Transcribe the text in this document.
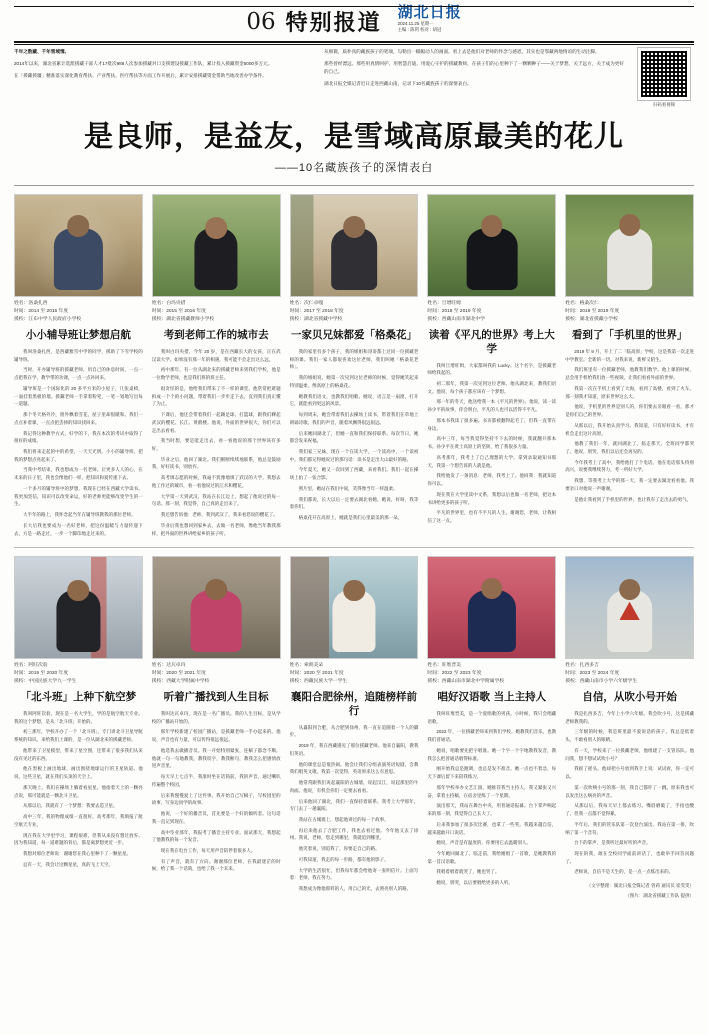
06 特别报道 湖北日报
2024.11.25 星期一
主编 : 陈剑 校对 : 胡冠

千年之数藏、千年雪域情。

2014年以来，湖北省累计选派援藏干部人才17批次988人次参加援藏对口支援建设援藏工作队，累计投入援藏资金5000多万元。

在「援藏援疆」精准落实深化教育帮扶、产业帮扶、医疗帮扶等方面工作开展后，累计安排援藏资金帮助当地改善办学条件。

从细微、质朴真的藏族孩子的笔端，勾勒出一幅幅动人的画面。看上去是他们对老师的怀念与感恩，其实也是鄂藏两地情谊的生动注脚。

那些曾经漂远、那些用真情呵护、用智慧启迪、用爱心守护的援藏教师，在孩子们的心里种下了一颗颗种子——关于梦想，关于远方，关于成为更好的自己。

湖北日报全媒记者近日走进西藏山南，记录下10名藏族孩子的深情表白。

扫码看视频
是良师，是益友，是雪域高原最美的花儿
——10名藏族孩子的深情表白
姓名：洛桑扎西
时间：2014 至 2015 年度
援校：江布中学人民政府小学校
小小辅导班让梦想启航

我叫洛桑扎西，是西藏雅雪中学的同学，援助了下雪学校的辅导班。

当时，开办辅导班的援藏老师，用自己的休息时间，一点一点把我在学、教学带的功课，一点一点补回来。

辅导班是一个国际化的 20 多平方米的小屋子，几张桌椅，一面挂着黑板的墙。援藏老师一手拿着粉笔，一笔一划地写出每一道题。

那个冬天格外冷，窗外飘着雪花，屋子里却很暖和。我们一点点补着课，一点点把丢掉的知识找回来。

我记得这种教学方式，好学的下，我在本次的考试中取得了很好的成绩。

我们将来走起的中的希望，一天天光明。小小的辅导班，把我的梦想点亮起来了。

当我中考结束，我也想成为一名老师。让更多人人的心，在未来的日子里，我也会像他们一样，把知识和爱传递下去。

一个多月的辅导班中的梦想，我现在已经在西藏大学读书。我更加坚信，知识可以改变命运，好的老师更能够改变学生的一生。

大半年的路上，我怀念起当年在辅导班教我的那位老师。

长大后我也要成为一名好老师，把这份温暖与力量传递下去，方是一路走过、一步一个脚印地走过来的。

姓名：白玛央措
时间：2015 至 2016 年度
援校：湖北省援藏教师小学校
考到老师工作的城市去

我叫白玛央措，今年 20 岁，是在西藏长大的女孩，正在武汉读大学。如果没有那一年的相遇，我可能不会走出这么远。

初中那年，有一位从湖北来的援藏老师来到我们学校，他是一位数学老师，也是我们班的班主任。

很奇怪的是，他给我们带来了不一样的课堂。他常常把难题拆成一个个的小问题，带着我们一步步走下去，直到我们真正懂了为止。

下课后，他还会带着我们一起踢足球、打篮球，跟我们聊起武汉的樱花、长江、黄鹤楼。他说，外面的世界很大，你们可以走出去看看。

我当时想，要是能走出去，看一看他说的那个世界该有多好。

毕业之后，他回了湖北。我们断断续续地联系，他总是鼓励我，好好读书，别放弃。

高考填志愿的时候，我毫不犹豫地填了武汉的大学。我想去他工作过的城市，看一看他说过的江水和樱花。

大学第一天到武汉，我站在长江边上，想起了他说过的每一句话。那一刻，我觉得，自己真的走出来了。

我还想告诉他：老师，我到武汉了，我来看您说的樱花了。

毕业后我也想回到家乡去，去做一名老师，像他当年教我那样，把外面的世界讲给家乡的孩子听。

姓名：次仁卓嘎
时间：2017 至 2018 年度
援校：湖北省援藏中学校
一家贝兄妹都爱「格桑花」

我的家里有多个孩子，我的姐姐和哥哥都上过同一位援藏老师的课。我们一家人都很喜欢这位老师，我们叫她「格桑花老师」。

我的姐姐说，她第一次见到这位老师的时候，觉得她笑起来特别温柔，像高原上的格桑花。

她教我们语文，也教我们唱歌。她说，语言是一扇窗，打开它，就能看到更远的风景。

每到周末，她会带着我们去操场上读书，带着我们在草地上朗诵诗歌。我们的声音，随着风飘得很远很远。

后来她回湖北了，但她一直和我们保持联系。每次节日，她都会发来祝福。

我们家三兄妹，现在一个在读大学，一个读高中，一个读初中。我们都记得她说过的那句话：读书是走出大山最好的路。

今年夏天，她又一次回到了西藏，来看我们。我们一起在操场上拍了一张合影。

照片里，她站在我们中间，笑得像当年一样温柔。

我们都说，长大以后一定要去湖北看她。她说，好呀，我等着你们。

格桑花开在高原上，她就是我们心里最美的那一朵。

姓名：旦增旺姆
时间：2018 至 2019 年度
援校：西藏山南市湖北中学
读着《平凡的世界》考上大学

我叫旦增旺姆，大家都叫我的 Lucky。这个名字，是援藏老师给我起的。

初二那年，我第一次见到这位老师。他从湖北来，教我们语文。他说，每个孩子都应该有一个梦想。

那一年的冬天，他送给我一本《平凡的世界》。他说，读一读孙少平的故事，你会明白，平凡的人也可以活得不平凡。

那本书我读了很多遍。书页都被翻得起毛了，但我一直带在身边。

高中三年，每当我觉得坚持不下去的时候，我就翻开那本书。孙少平在黄土高原上的坚韧，给了我很多力量。

高考那年，我考上了自己理想的大学。拿到录取通知书那天，我第一个想告诉的人就是他。

我给他发了一条消息：老师，我考上了。他回我：我就知道你可以。

现在我在大学里读中文系，我想以后也做一名老师，把这本书讲给更多的孩子听。

平凡的世界里，也有不平凡的人生。谢谢您，老师，让我相信了这一点。

姓名：格桑次仁
时间：2018 至 2019 年度
援校：湖北省援藏小学校
看到了「手机里的世界」

2019 年 9 月，开上了二「临高原」学校，这是我第一次走进中学教室。全新的一切，对我来说，新鲜又陌生。

我们班里有一位援藏老师，他教我们数学。他上课的时候，总会用手机给我们放一些视频，让我们看看外面的世界。

我第一次在手机上看到了大海，看到了高楼，看到了火车。那一刻我才知道，原来世界这么大。

他说，手机里的世界是别人的，你们要去亲眼看一看，那才是你们自己的世界。

从那以后，我开始认真学习。我知道，只有好好读书，才有机会走出这片高原。

他教了我们一年，就回湖北了。临走那天，全班同学都哭了。他说，别哭，我们以后还会再见的。

今年我考上了高中，我给他打了个电话。他在电话那头特别高兴，说要我继续努力，考一所好大学。

我想，等我考上大学的那一天，我一定要去湖北看看他。我要亲口对他说一声谢谢。

是他让我看到了手机里的世界，也让我有了走出去的勇气。

姓名：阿旺次翁
时间：2019 至 2020 年度
援校：中国民族大学九一学生
「北斗班」上种下航空梦

我叫阿旺次翁，现在是一名大学生，学的是航空航天专业。我的这个梦想，是从「北斗班」开始的。

初三那年，学校开办了一个「北斗班」，专门讲北斗卫星导航系统的知识。来给我们上课的，是一位从湖北来的援藏老师。

他带来了卫星模型，带来了星空图，还带来了很多我们从来没有见过的东西。

他在黑板上画出地球，画出围绕地球运行的卫星轨道。他说，这些卫星，就在我们头顶的天空上。

那天晚上，我们在操场上躺着看星星。他指着天上的一颗亮点说，那可能就是一颗北斗卫星。

从那以后，我就有了一个梦想：我要去造卫星。

高中三年，我的物理成绩一直很好。高考那年，我填报了航空航天专业。

现在我在大学里学习，课程很难，但我从来没有想过放弃。因为我知道，每一道难题的背后，都是离梦想更近一步。

我想对那位老师说：谢谢您在我心里种下了一颗星星。

总有一天，我会让这颗星星，真的飞上天空。

姓名：达瓦卓玛
时间：2020 至 2021 年度
援校：西藏大学附属中学校
听着广播找到人生目标

我叫达瓦卓玛，现在是一名广播员。我的人生目标，是从学校的广播站开始的。

那年学校新建了校园广播站，是援藏老师一手办起来的。他说，声音也有力量，可以传得很远很远。

他选我去做播音员。我一开始特别紧张，连稿子都念不顺。他就一句一句地教我，教我咬字，教我断句，教我怎么把感情放进声音里。

每天早上七点半，我准时坐在话筒前。我的声音，通过喇叭传遍整个校园。

后来我慢慢爱上了这件事。我开始自己写稿子，写校园里的故事，写身边同学的故事。

他说，一个好的播音员，首先要是一个好的倾听者。这句话我一直记到现在。

高中毕业那年，我报考了播音主持专业。面试那天，我想起了他教我的每一个发音。

现在我在电台工作，每天用声音陪伴着很多人。

有了声音，就有了方向。谢谢那位老师，在我最迷茫的时候，给了我一个话筒，也给了我一个未来。

姓名：索朗美朵
时间：2020 至 2021 年度
援校：西藏民族大学一学生
襄阳合肥徐州，追随榜样前行

从襄阳到合肥，从合肥到徐州，我一直在追随着一个人的脚步。

2019 年，我在西藏遇见了那位援藏老师。他来自襄阳，教我们英语。

他的课堂总是很热闹。他会让我们分组表演英语短剧，会教我们唱英文歌。我第一次觉得，英语原来这么有意思。

他常常跟我们说起襄阳的古城墙，说起汉江，说起那里的牛肉面。他说，有机会你们一定要去看看。

后来他回了湖北，我们一直保持着联系。我考上大学那年，专门去了一趟襄阳。

我站在古城墙上，想起他讲过的每一个故事。

再后来他去了合肥工作，我也去看过他。今年他又去了徐州。我说，老师，您走到哪里，我就追到哪里。

他笑着说，别追我了，你要走自己的路。

可我知道，我走的每一步路，都有他的影子。

大学的生活很忙，但我每年都会给他寄一张明信片。上面写着：老师，我在努力。

我想成为像他那样的人，用自己的光，去照亮别人的路。

姓名：旺堆晋美
时间：2022 至 2023 年度
援校：西藏山南市湖北中学附属学校
唱好汉语歌 当上主持人

我叫旺堆晋美，是一个爱唱歌的男孩。小时候，我只会唱藏语歌。

2022 年，一位援藏老师来到我们学校。她教我们音乐，也教我们普通话。

她说，唱歌要先把字唱准。她一个字一个字地教我发音，教我怎么把普通话唱得标准。

刚开始我总是跑调，也总是发不准音。她一点也不着急，每天下课后留下来陪我练习。

那年学校举办文艺汇演，她推荐我当主持人。我又紧张又兴奋，拿着主持稿，在宿舍里练了一个星期。

演出那天，我站在舞台中央，用普通话报幕。台下掌声响起来的那一刻，我觉得自己长大了。

后来我参加了很多次比赛，也拿了一些奖。我越来越自信，越来越敢开口说话。

她说，声音是有温度的，你要用它去温暖别人。

今年她回湖北了。临走前，我给她唱了一首歌，是她教我的第一首汉语歌。

我唱着唱着就哭了，她也哭了。

她说，别哭，以后要唱给更多的人听。

姓名：扎西多吉
时间：2023 至 2024 年度
援校：西藏山南市小学六年级学生
自信，从吹小号开始

我是扎西多吉，今年上小学六年级。我会吹小号，这是援藏老师教我的。

三年级的时候，我是班里最不爱说话的孩子。我总是低着头，不敢看别人的眼睛。

有一天，学校来了一位援藏老师，他组建了一支管乐队。他问我，想不想试试吹小号？

我摇了摇头。他却把小号放到我手上说：试试看，你一定可以。

第一次吹响小号的那一刻，我自己都吓了一跳。原来我也可以发出这么响亮的声音。

从那以后，我每天早上都去练习。嘴唇磨破了，手指也酸了，但我一点都不觉得累。

半年后，我们的管乐队第一次登台演出。我站在第一排，吹响了第一个音符。

台下的掌声，是我听过最好听的声音。

现在的我，敢在全校同学面前讲话了，也敢举手回答问题了。

老师说，自信不是天生的，是一点一点练出来的。

（文字整理：湖北日报全媒记者 曾莉 通讯员 崔雯雯）
（图片：湖北省援藏工作队 提供）
